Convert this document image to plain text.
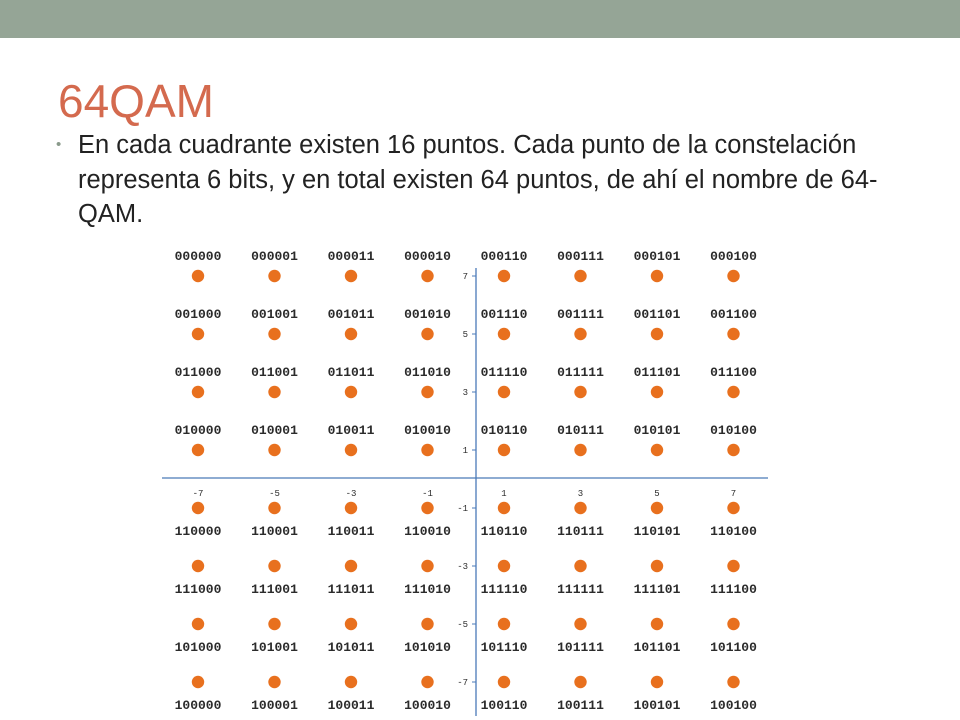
64QAM
• En cada cuadrante existen 16 puntos. Cada punto de la constelación representa 6 bits, y en total existen 64 puntos, de ahí el nombre de 64-QAM.
-7	-5	-3	-1	1	3	5	7
7
5
3
1
-1
-3
-5
-7
000000 000001 000011 000010 000110 000111 000101 000100
001000 001001 001011 001010 001110 001111 001101 001100
011000 011001 011011 011010 011110 011111 011101 011100
010000 010001 010011 010010 010110 010111 010101 010100
110000 110001 110011 110010 110110 110111 110101 110100
111000 111001 111011 111010 111110 111111 111101 111100
101000 101001 101011 101010 101110 101111 101101 101100
100000 100001 100011 100010 100110 100111 100101 100100
